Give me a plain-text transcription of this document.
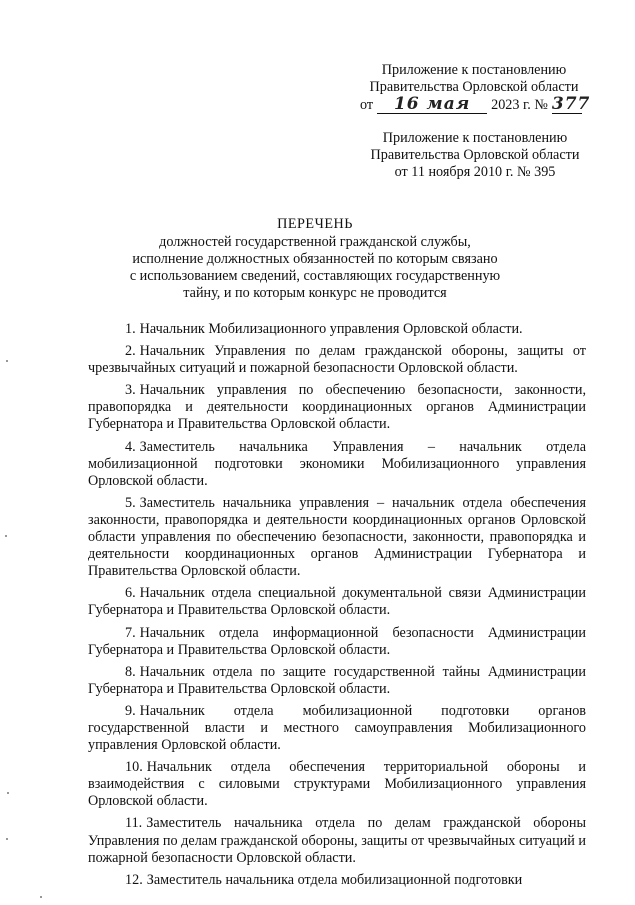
Приложение к постановлению
Правительства Орловской области
от	16 мая	2023 г. № 377
Приложение к постановлению
Правительства Орловской области
от 11 ноября 2010 г. № 395
ПЕРЕЧЕНЬ
должностей государственной гражданской службы,
исполнение должностных обязанностей по которым связано
с использованием сведений, составляющих государственную
тайну, и по которым конкурс не проводится

1. Начальник Мобилизационного управления Орловской области.

2. Начальник Управления по делам гражданской обороны, защиты от чрезвычайных ситуаций и пожарной безопасности Орловской области.

3. Начальник управления по обеспечению безопасности, законности, правопорядка и деятельности координационных органов Администрации Губернатора и Правительства Орловской области.

4. Заместитель начальника Управления – начальник отдела мобилизационной подготовки экономики Мобилизационного управления Орловской области.

5. Заместитель начальника управления – начальник отдела обеспечения законности, правопорядка и деятельности координационных органов Орловской области управления по обеспечению безопасности, законности, правопорядка и деятельности координационных органов Администрации Губернатора и Правительства Орловской области.

6. Начальник отдела специальной документальной связи Администрации Губернатора и Правительства Орловской области.

7. Начальник отдела информационной безопасности Администрации Губернатора и Правительства Орловской области.

8. Начальник отдела по защите государственной тайны Администрации Губернатора и Правительства Орловской области.

9. Начальник отдела мобилизационной подготовки органов государственной власти и местного самоуправления Мобилизационного управления Орловской области.

10. Начальник отдела обеспечения территориальной обороны и взаимодействия с силовыми структурами Мобилизационного управления Орловской области.

11. Заместитель начальника отдела по делам гражданской обороны Управления по делам гражданской обороны, защиты от чрезвычайных ситуаций и пожарной безопасности Орловской области.

12. Заместитель начальника отдела мобилизационной подготовки
